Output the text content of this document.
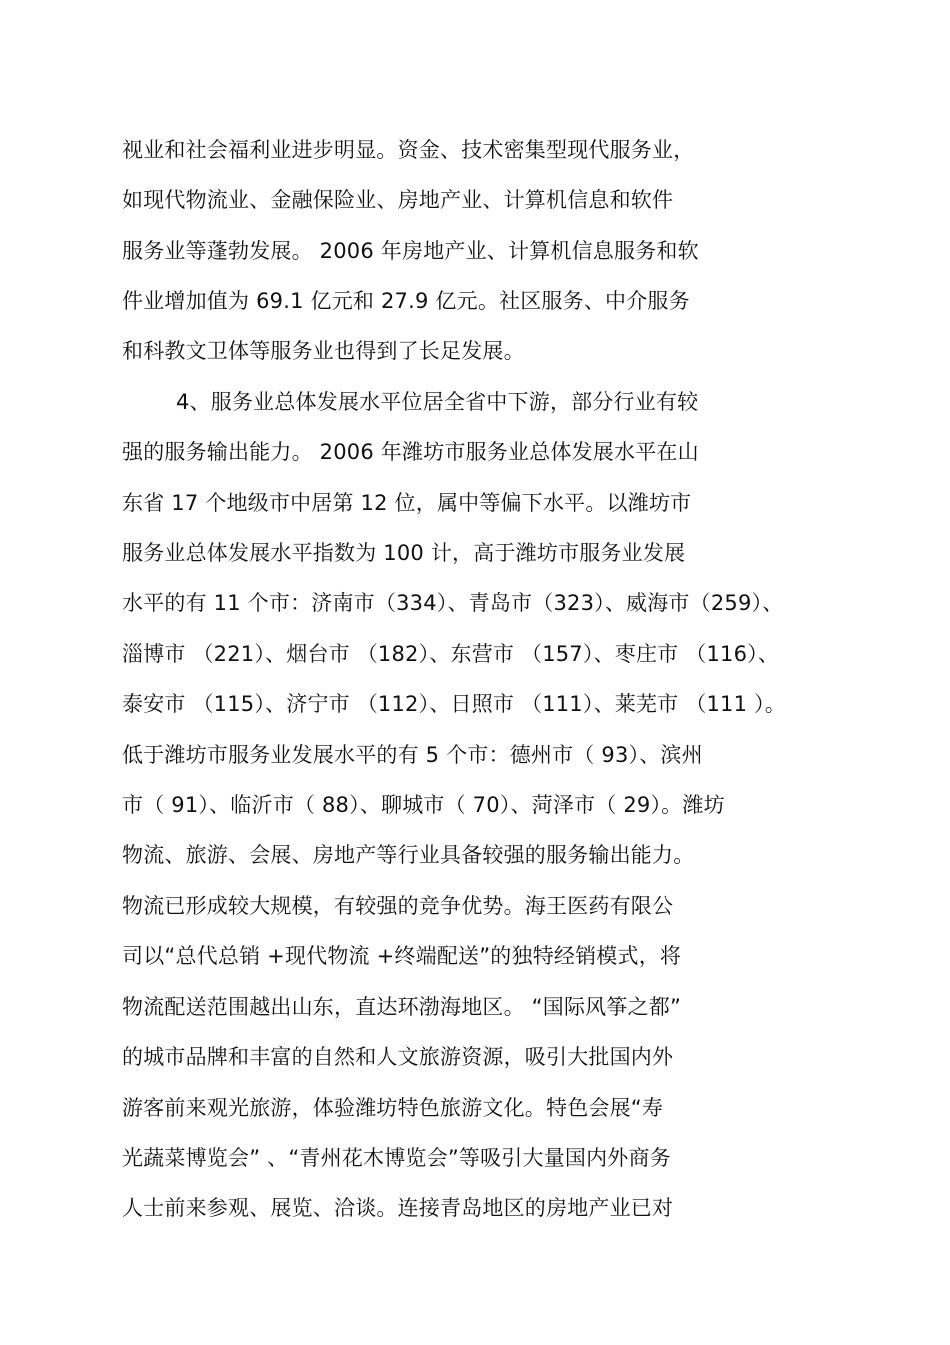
视业和社会福利业进步明显。资金、技术密集型现代服务业，
如现代物流业、金融保险业、房地产业、计算机信息和软件
服务业等蓬勃发展。 2006 年房地产业、计算机信息服务和软
件业增加值为 69.1 亿元和 27.9 亿元。社区服务、中介服务
和科教文卫体等服务业也得到了长足发展。
4、服务业总体发展水平位居全省中下游，部分行业有较
强的服务输出能力。 2006 年潍坊市服务业总体发展水平在山
东省 17 个地级市中居第 12 位，属中等偏下水平。以潍坊市
服务业总体发展水平指数为 100 计，高于潍坊市服务业发展
水平的有 11 个市：济南市（334）、青岛市（323）、威海市（259）、
淄博市 （221）、烟台市 （182）、东营市 （157）、枣庄市 （116）、
泰安市 （115）、济宁市 （112）、日照市 （111）、莱芜市 （111 ）。
低于潍坊市服务业发展水平的有 5 个市：德州市（ 93）、滨州
市（ 91）、临沂市（ 88）、聊城市（ 70）、菏泽市（ 29）。潍坊
物流、旅游、会展、房地产等行业具备较强的服务输出能力。
物流已形成较大规模，有较强的竞争优势。海王医药有限公
司以“总代总销 +现代物流 +终端配送”的独特经销模式，将
物流配送范围越出山东，直达环渤海地区。 “国际风筝之都”
的城市品牌和丰富的自然和人文旅游资源，吸引大批国内外
游客前来观光旅游，体验潍坊特色旅游文化。特色会展“寿
光蔬菜博览会” 、“青州花木博览会”等吸引大量国内外商务
人士前来参观、展览、洽谈。连接青岛地区的房地产业已对
